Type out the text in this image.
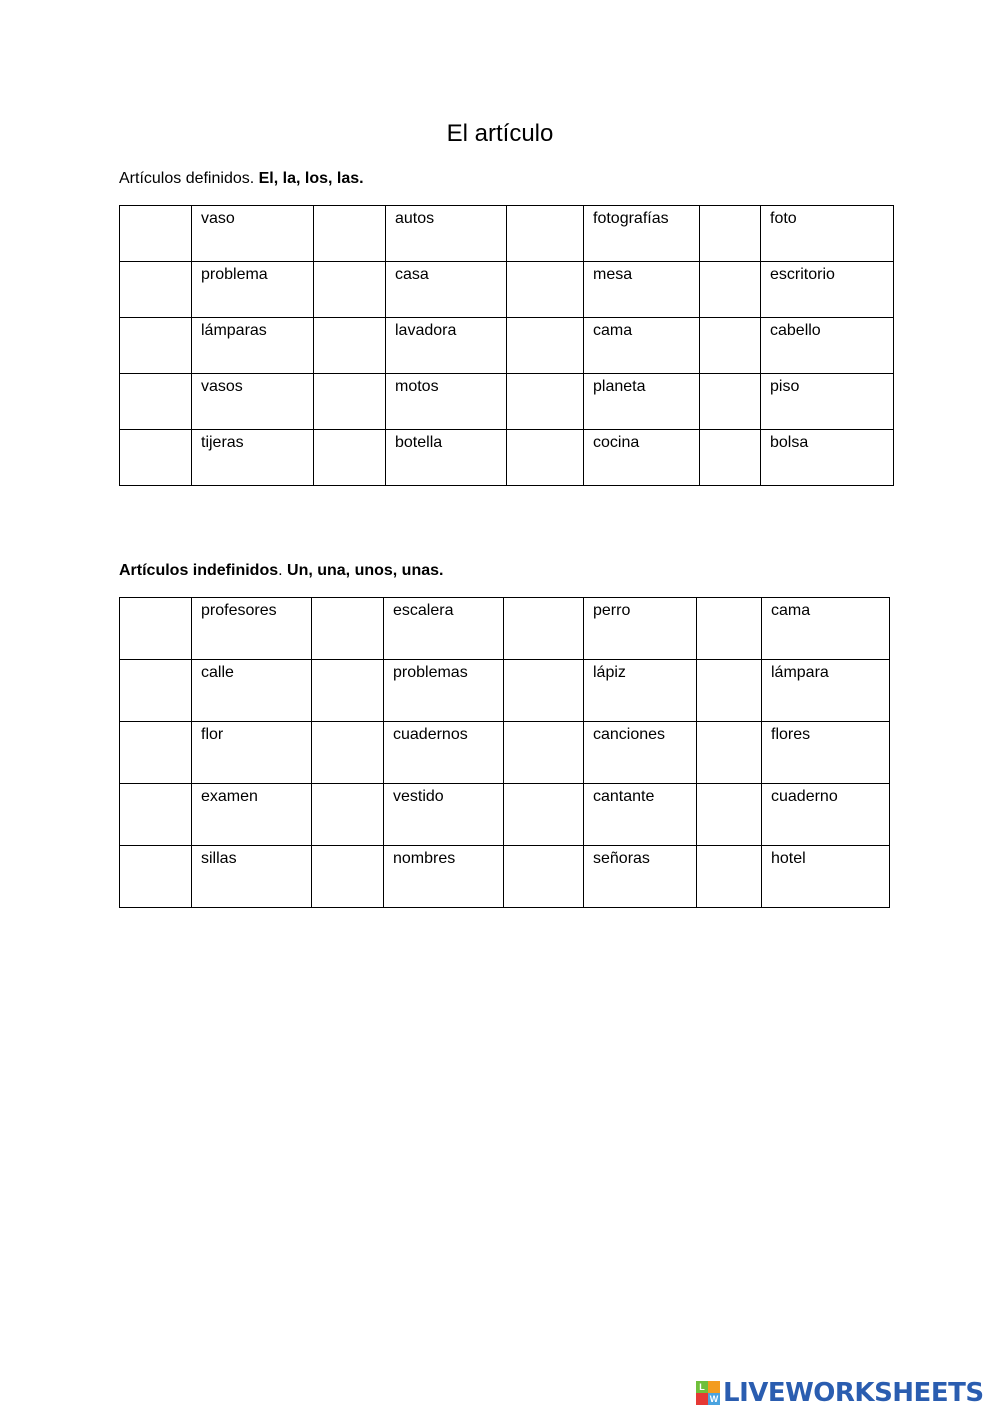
El artículo
Artículos definidos. El, la, los, las.
	vaso		autos		fotografías		foto
	problema		casa		mesa		escritorio
	lámparas		lavadora		cama		cabello
	vasos		motos		planeta		piso
	tijeras		botella		cocina		bolsa
Artículos indefinidos. Un, una, unos, unas.
	profesores		escalera		perro		cama
	calle		problemas		lápiz		lámpara
	flor		cuadernos		canciones		flores
	examen		vestido		cantante		cuaderno
	sillas		nombres		señoras		hotel
L
W LIVEWORKSHEETS
